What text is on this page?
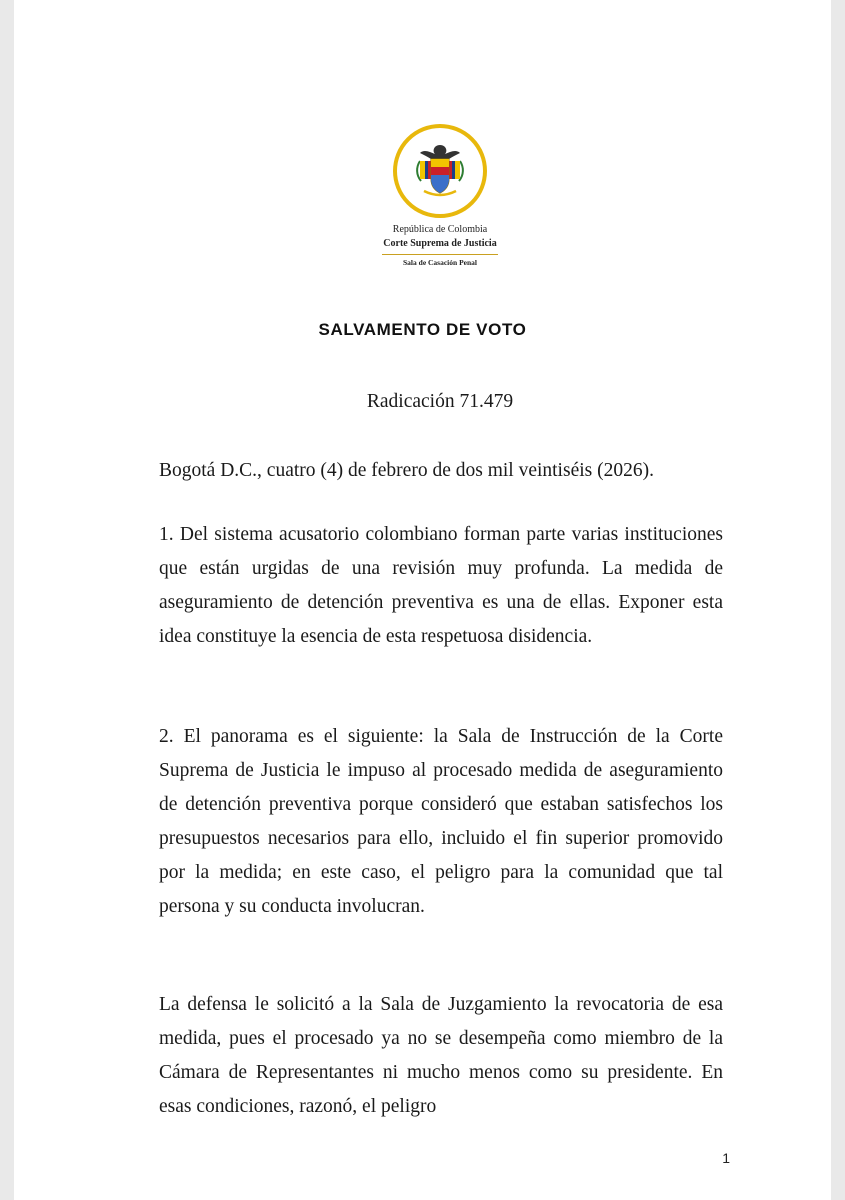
República de Colombia
Corte Suprema de Justicia
Sala de Casación Penal
SALVAMENTO DE VOTO
Radicación 71.479

Bogotá D.C., cuatro (4) de febrero de dos mil veintiséis (2026).

1. Del sistema acusatorio colombiano forman parte varias instituciones que están urgidas de una revisión muy profunda. La medida de aseguramiento de detención preventiva es una de ellas. Exponer esta idea constituye la esencia de esta respetuosa disidencia.

2. El panorama es el siguiente: la Sala de Instrucción de la Corte Suprema de Justicia le impuso al procesado medida de aseguramiento de detención preventiva porque consideró que estaban satisfechos los presupuestos necesarios para ello, incluido el fin superior promovido por la medida; en este caso, el peligro para la comunidad que tal persona y su conducta involucran.

La defensa le solicitó a la Sala de Juzgamiento la revocatoria de esa medida, pues el procesado ya no se desempeña como miembro de la Cámara de Representantes ni mucho menos como su presidente. En esas condiciones, razonó, el peligro

1
